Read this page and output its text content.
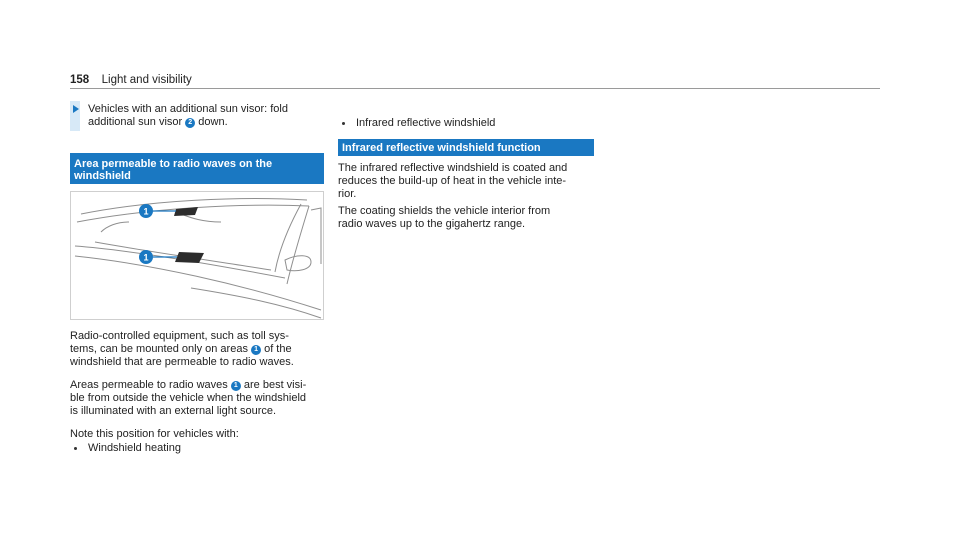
158 Light and visibility
Vehicles with an additional sun visor: fold
additional sun visor 2 down.
Area permeable to radio waves on the
windshield
1
1
Radio-controlled equipment, such as toll sys-
tems, can be mounted only on areas 1 of the
windshield that are permeable to radio waves.
Areas permeable to radio waves 1 are best visi-
ble from outside the vehicle when the windshield
is illuminated with an external light source.
Note this position for vehicles with:
Windshield heating
Infrared reflective windshield
Infrared reflective windshield function
The infrared reflective windshield is coated and
reduces the build-up of heat in the vehicle inte-
rior.
The coating shields the vehicle interior from
radio waves up to the gigahertz range.
